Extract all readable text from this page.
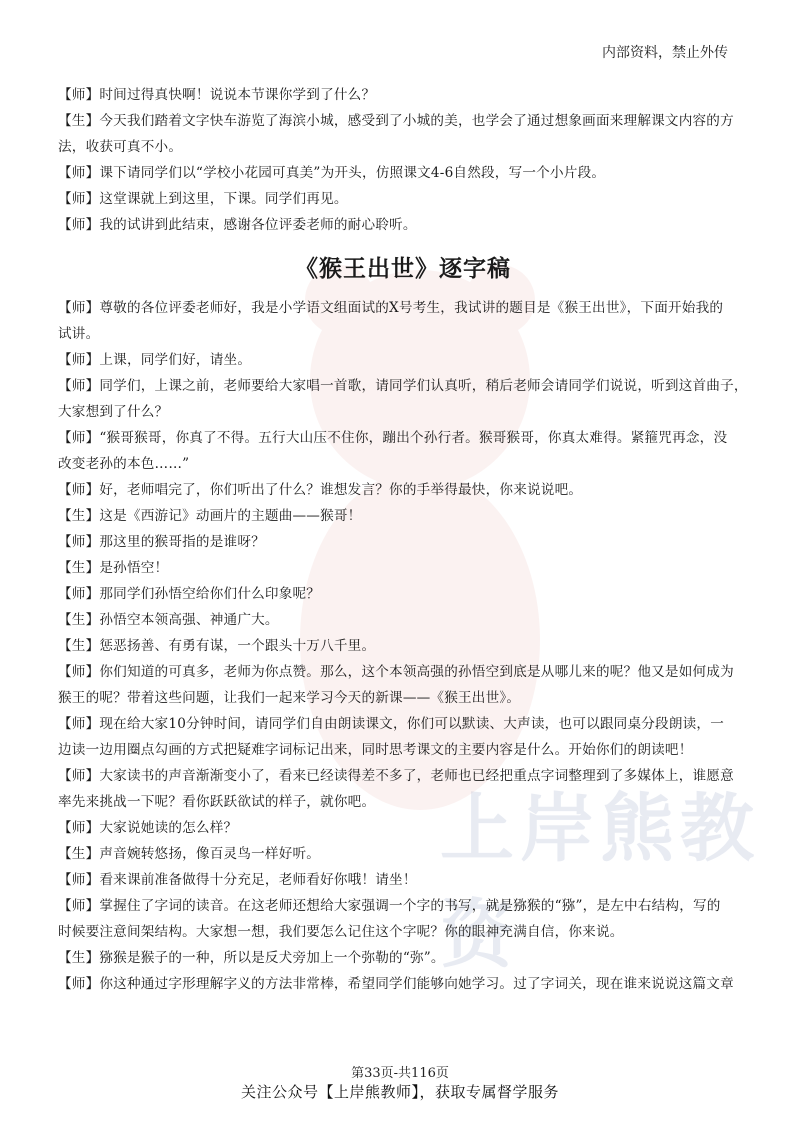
上岸熊教资
内部资料，禁止外传

【师】时间过得真快啊！说说本节课你学到了什么？

【生】今天我们踏着文字快车游览了海滨小城，感受到了小城的美，也学会了通过想象画面来理解课文内容的方

法，收获可真不小。

【师】课下请同学们以“学校小花园可真美”为开头，仿照课文4-6自然段，写一个小片段。

【师】这堂课就上到这里，下课。同学们再见。

【师】我的试讲到此结束，感谢各位评委老师的耐心聆听。

《猴王出世》逐字稿

【师】尊敬的各位评委老师好，我是小学语文组面试的X号考生，我试讲的题目是《猴王出世》，下面开始我的

试讲。

【师】上课，同学们好，请坐。

【师】同学们，上课之前，老师要给大家唱一首歌，请同学们认真听，稍后老师会请同学们说说，听到这首曲子，

大家想到了什么？

【师】“猴哥猴哥，你真了不得。五行大山压不住你，蹦出个孙行者。猴哥猴哥，你真太难得。紧箍咒再念，没

改变老孙的本色……”

【师】好，老师唱完了，你们听出了什么？谁想发言？你的手举得最快，你来说说吧。

【生】这是《西游记》动画片的主题曲——猴哥！

【师】那这里的猴哥指的是谁呀？

【生】是孙悟空！

【师】那同学们孙悟空给你们什么印象呢？

【生】孙悟空本领高强、神通广大。

【生】惩恶扬善、有勇有谋，一个跟头十万八千里。

【师】你们知道的可真多，老师为你点赞。那么，这个本领高强的孙悟空到底是从哪儿来的呢？他又是如何成为

猴王的呢？带着这些问题，让我们一起来学习今天的新课——《猴王出世》。

【师】现在给大家10分钟时间，请同学们自由朗读课文，你们可以默读、大声读，也可以跟同桌分段朗读，一

边读一边用圈点勾画的方式把疑难字词标记出来，同时思考课文的主要内容是什么。开始你们的朗读吧！

【师】大家读书的声音渐渐变小了，看来已经读得差不多了，老师也已经把重点字词整理到了多媒体上，谁愿意

率先来挑战一下呢？看你跃跃欲试的样子，就你吧。

【师】大家说她读的怎么样？

【生】声音婉转悠扬，像百灵鸟一样好听。

【师】看来课前准备做得十分充足，老师看好你哦！请坐！

【师】掌握住了字词的读音。在这老师还想给大家强调一个字的书写，就是猕猴的“猕”，是左中右结构，写的

时候要注意间架结构。大家想一想，我们要怎么记住这个字呢？你的眼神充满自信，你来说。

【生】猕猴是猴子的一种，所以是反犬旁加上一个弥勒的“弥”。

【师】你这种通过字形理解字义的方法非常棒，希望同学们能够向她学习。过了字词关，现在谁来说说这篇文章

第33页-共116页
关注公众号【上岸熊教师】，获取专属督学服务
